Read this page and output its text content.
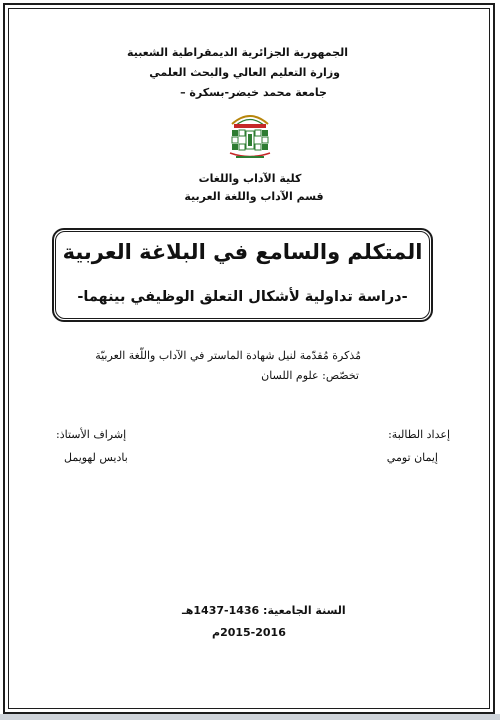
الجمهورية الجزائرية الديمقراطية الشعبية
وزارة التعليم العالي والبحث العلمي
جامعة محمد خيضر-بسكرة –
كلية الآداب واللغات
قسم الآداب واللغة العربية
المتكلم والسامع في البلاغة العربية
-دراسة تداولية لأشكال التعلق الوظيفي بينهما-
مُذكرة مُقدّمة لنيل شهادة الماستر في الآداب واللّغة العربيّة
تخصّص: علوم اللسان
إعداد الطالبة:
إيمان تومي
إشراف الأستاذ:
باديس لهويمل
السنة الجامعية: 1436-1437هـ
2015-2016م
